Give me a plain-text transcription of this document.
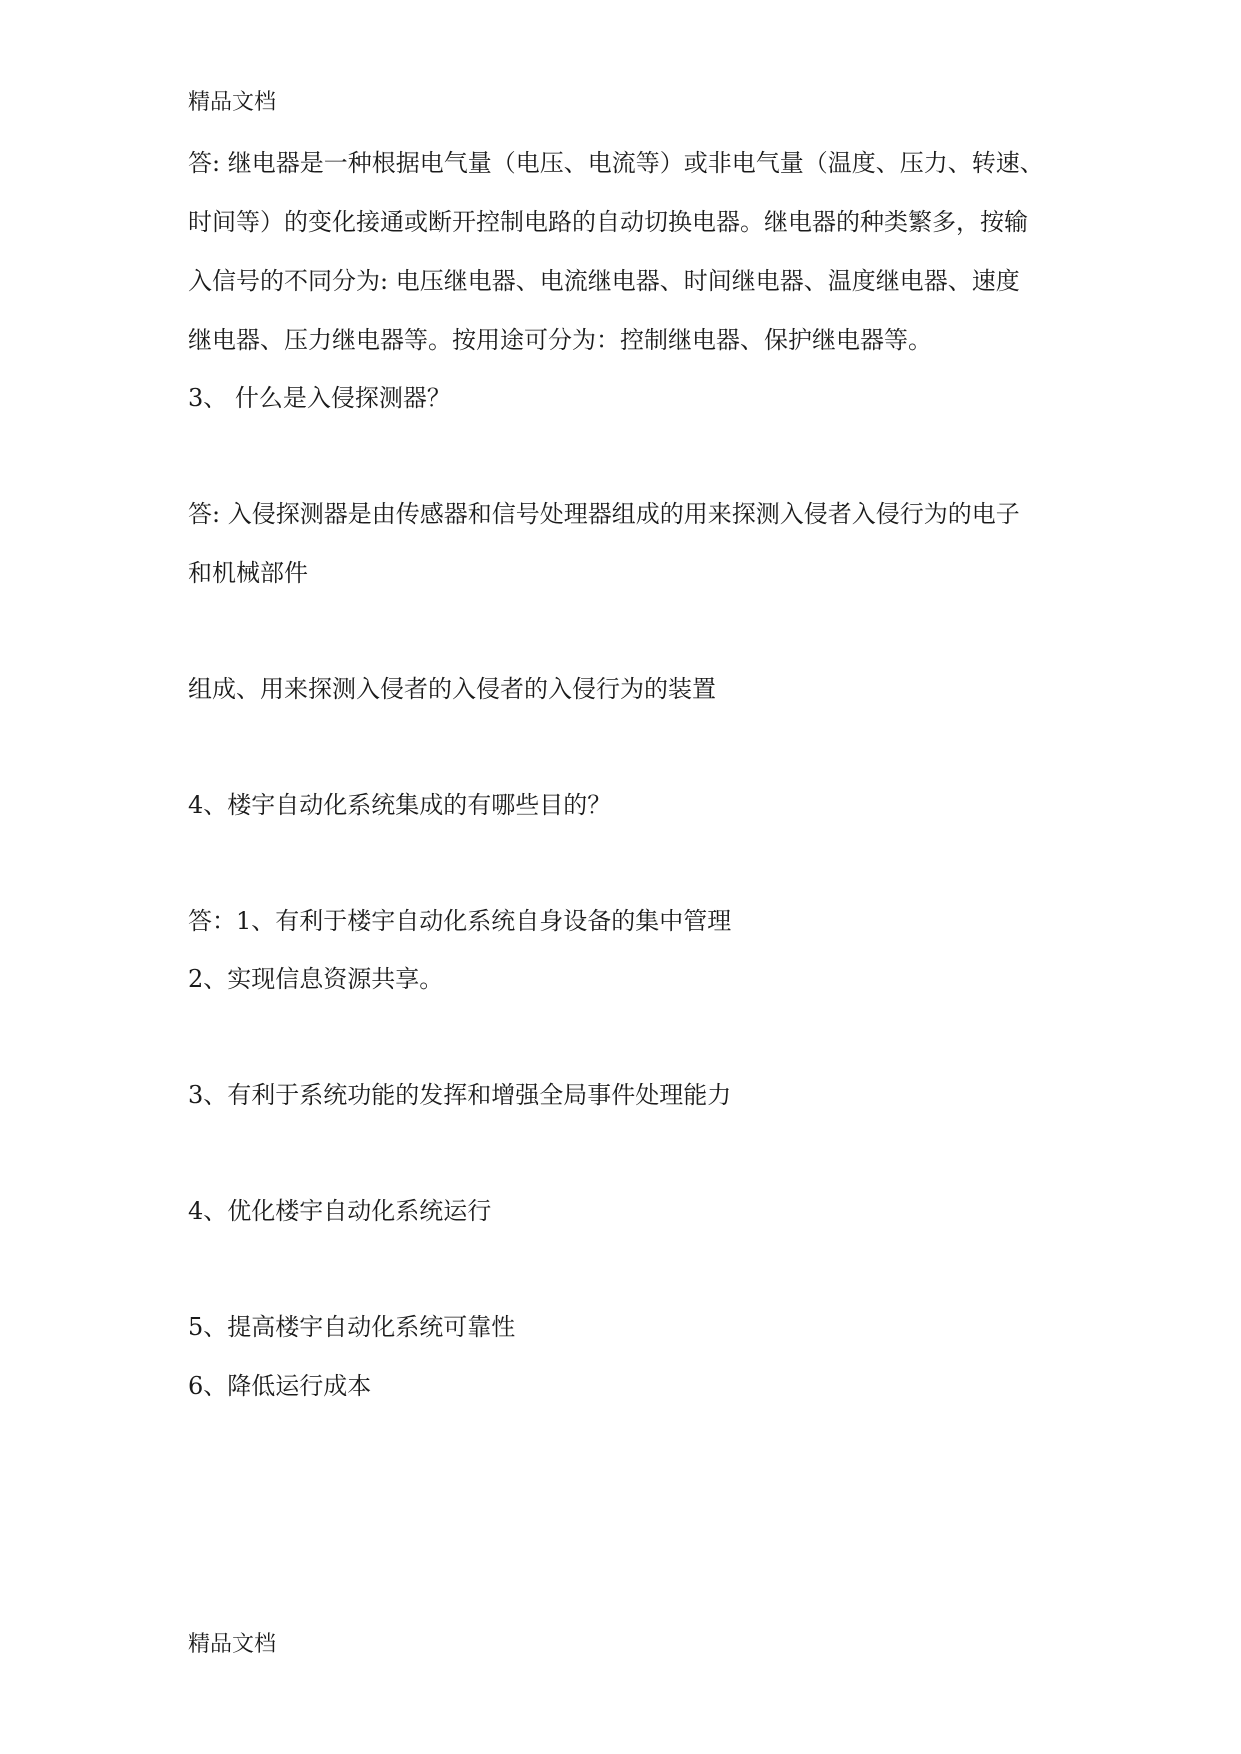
精品文档
答: 继电器是一种根据电气量（电压、电流等）或非电气量（温度、压力、转速、
时间等）的变化接通或断开控制电路的自动切换电器。继电器的种类繁多，按输
入信号的不同分为: 电压继电器、电流继电器、时间继电器、温度继电器、速度
继电器、压力继电器等。按用途可分为：控制继电器、保护继电器等。
3、 什么是入侵探测器？
答: 入侵探测器是由传感器和信号处理器组成的用来探测入侵者入侵行为的电子
和机械部件
组成、用来探测入侵者的入侵者的入侵行为的装置
4、楼宇自动化系统集成的有哪些目的？
答：1、有利于楼宇自动化系统自身设备的集中管理
2、实现信息资源共享。
3、有利于系统功能的发挥和增强全局事件处理能力
4、优化楼宇自动化系统运行
5、提高楼宇自动化系统可靠性
6、降低运行成本
精品文档
